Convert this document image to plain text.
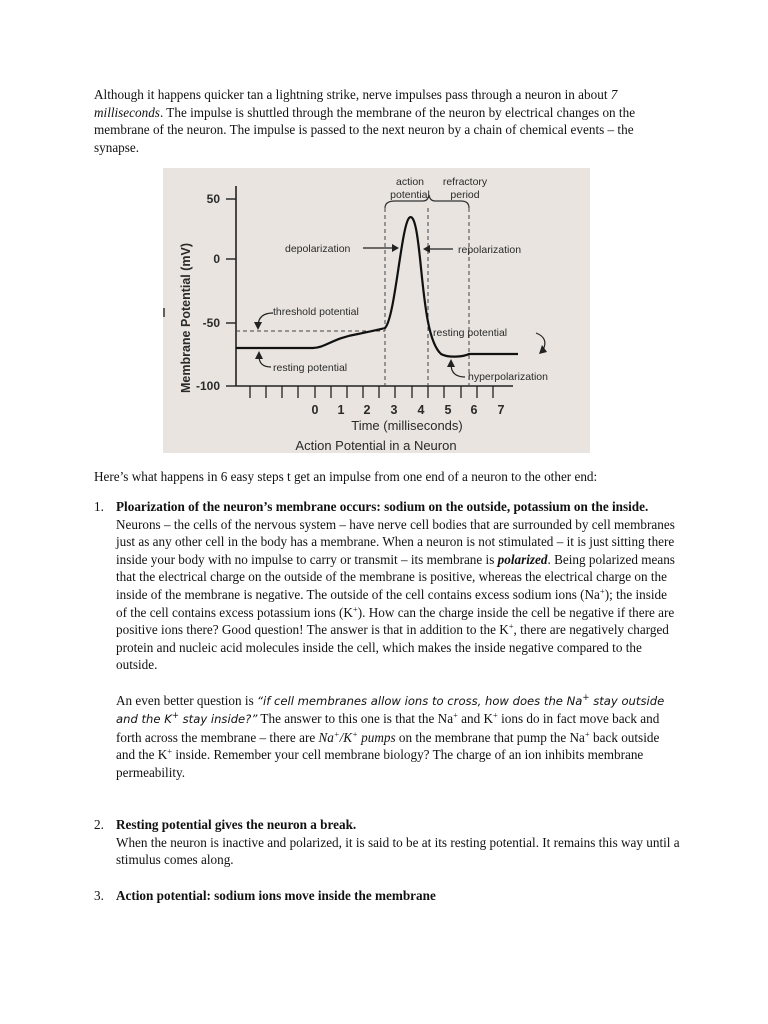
Although it happens quicker tan a lightning strike, nerve impulses pass through a neuron in about 7 milliseconds. The impulse is shuttled through the membrane of the neuron by electrical changes on the membrane of the neuron. The impulse is passed to the next neuron by a chain of chemical events – the synapse.

Membrane Potential (mV)
50
0
-50
-100
0 1 2 3 4 5 6 7
Time (milliseconds)
Action Potential in a Neuron
action
potential
refractory
period
depolarization	repolarization
threshold potential
resting potential
resting potential
hyperpolarization

Here’s what happens in 6 easy steps t get an impulse from one end of a neuron to the other end:

1. Ploarization of the neuron’s membrane occurs: sodium on the outside, potassium on the inside.

Neurons – the cells of the nervous system – have nerve cell bodies that are surrounded by cell membranes just as any other cell in the body has a membrane. When a neuron is not stimulated – it is just sitting there inside your body with no impulse to carry or transmit – its membrane is polarized. Being polarized means that the electrical charge on the outside of the membrane is positive, whereas the electrical charge on the inside of the membrane is negative. The outside of the cell contains excess sodium ions (Na+); the inside of the cell contains excess potassium ions (K+). How can the charge inside the cell be negative if there are positive ions there? Good question! The answer is that in addition to the K+, there are negatively charged protein and nucleic acid molecules inside the cell, which makes the inside negative compared to the outside.

An even better question is “if cell membranes allow ions to cross, how does the Na+ stay outside and the K+ stay inside?” The answer to this one is that the Na+ and K+ ions do in fact move back and forth across the membrane – there are Na+/K+ pumps on the membrane that pump the Na+ back outside and the K+ inside. Remember your cell membrane biology? The charge of an ion inhibits membrane permeability.

2. Resting potential gives the neuron a break.

When the neuron is inactive and polarized, it is said to be at its resting potential. It remains this way until a stimulus comes along.

3. Action potential: sodium ions move inside the membrane
